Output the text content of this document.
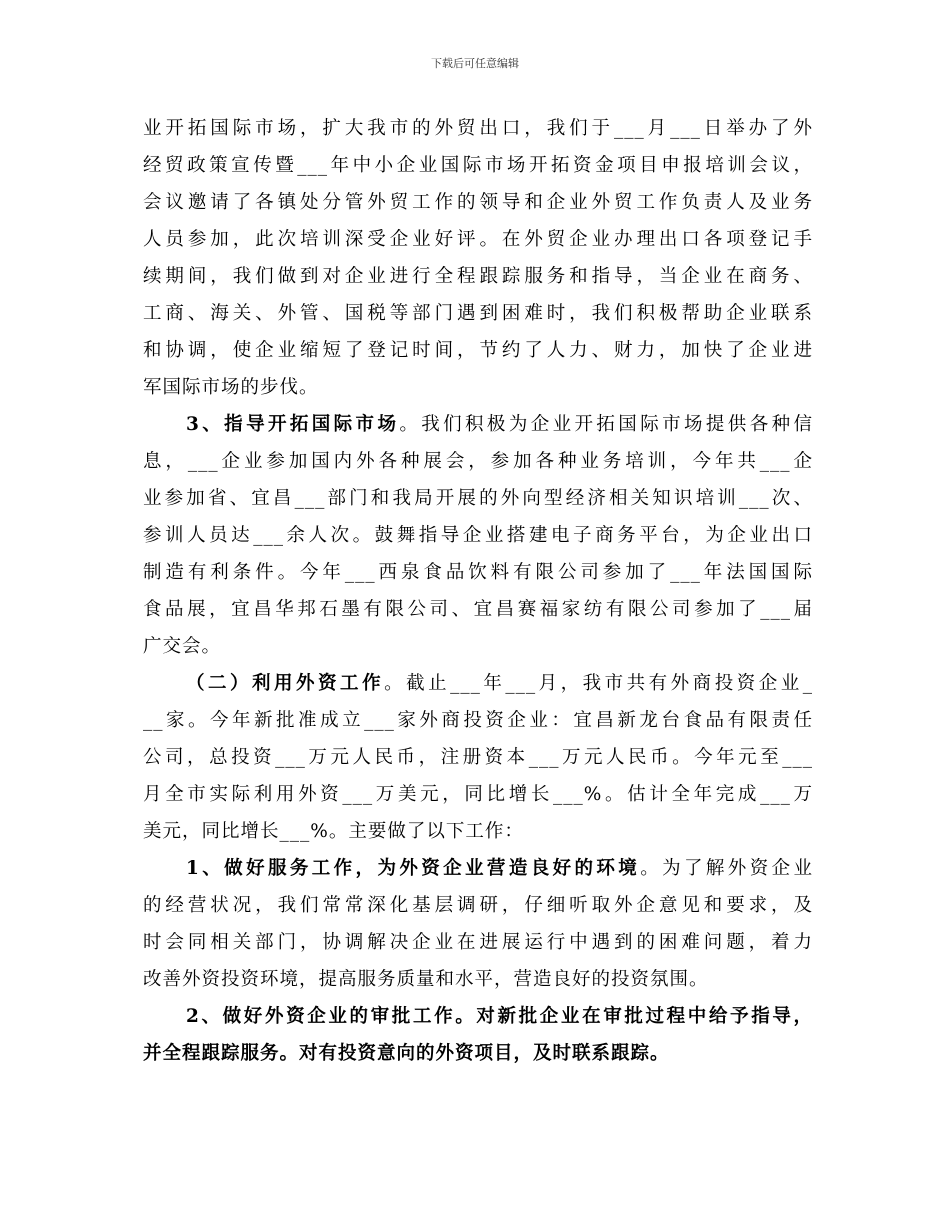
下载后可任意编辑
业开拓国际市场，扩大我市的外贸出口，我们于___月___日举办了外
经贸政策宣传暨___年中小企业国际市场开拓资金项目申报培训会议，
会议邀请了各镇处分管外贸工作的领导和企业外贸工作负责人及业务
人员参加，此次培训深受企业好评。在外贸企业办理出口各项登记手
续期间，我们做到对企业进行全程跟踪服务和指导，当企业在商务、
工商、海关、外管、国税等部门遇到困难时，我们积极帮助企业联系
和协调，使企业缩短了登记时间，节约了人力、财力，加快了企业进
军国际市场的步伐。
3、指导开拓国际市场。我们积极为企业开拓国际市场提供各种信
息，___企业参加国内外各种展会，参加各种业务培训，今年共___企
业参加省、宜昌___部门和我局开展的外向型经济相关知识培训___次、
参训人员达___余人次。鼓舞指导企业搭建电子商务平台，为企业出口
制造有利条件。今年___西泉食品饮料有限公司参加了___年法国国际
食品展，宜昌华邦石墨有限公司、宜昌赛福家纺有限公司参加了___届
广交会。
（二）利用外资工作。截止___年___月，我市共有外商投资企业_
__家。今年新批准成立___家外商投资企业：宜昌新龙台食品有限责任
公司，总投资___万元人民币，注册资本___万元人民币。今年元至___
月全市实际利用外资___万美元，同比增长___%。估计全年完成___万
美元，同比增长___%。主要做了以下工作：
1、做好服务工作，为外资企业营造良好的环境。为了解外资企业
的经营状况，我们常常深化基层调研，仔细听取外企意见和要求，及
时会同相关部门，协调解决企业在进展运行中遇到的困难问题，着力
改善外资投资环境，提高服务质量和水平，营造良好的投资氛围。
2、做好外资企业的审批工作。对新批企业在审批过程中给予指导，
并全程跟踪服务。对有投资意向的外资项目，及时联系跟踪。
